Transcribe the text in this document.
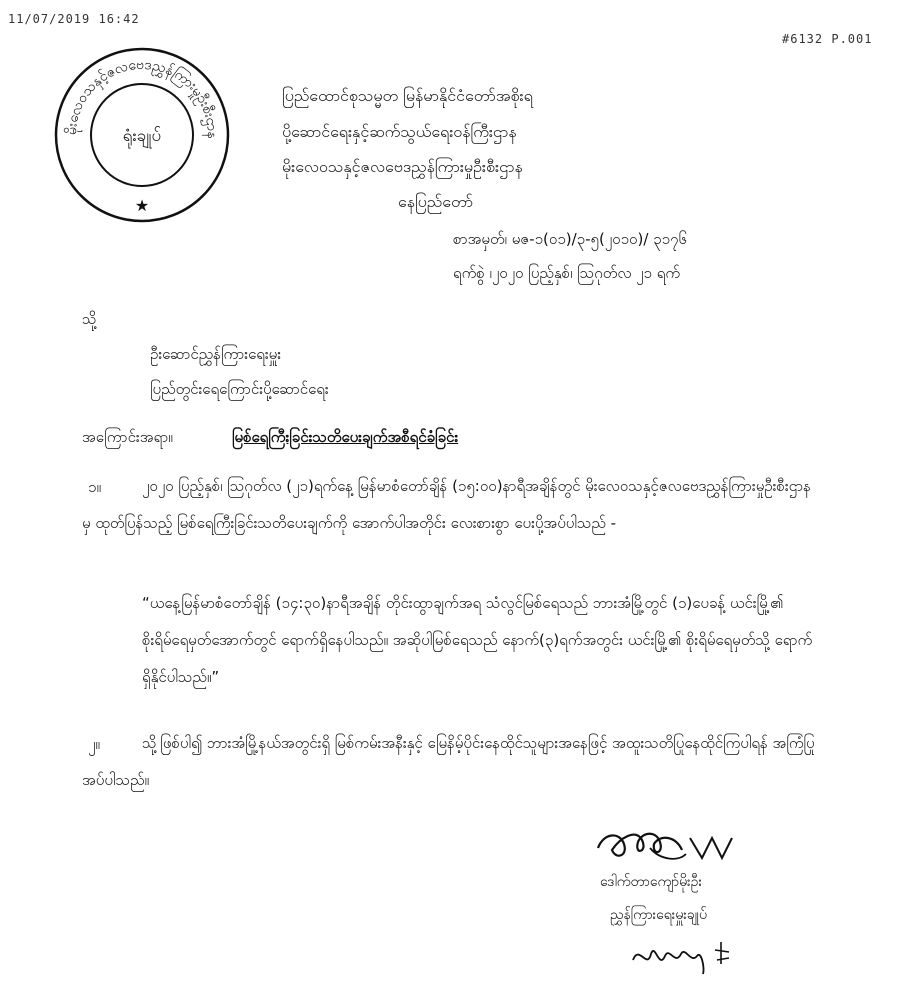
11/07/2019 16:42
#6132 P.001
မိုးလေဝသနှင့်ဇလဗေဒညွှန်ကြားမှုဦးစီးဌာန
ရုံးချုပ်
★
ပြည်ထောင်စုသမ္မတ မြန်မာနိုင်ငံတော်အစိုးရ
ပို့ဆောင်ရေးနှင့်ဆက်သွယ်ရေးဝန်ကြီးဌာန
မိုးလေဝသနှင့်ဇလဗေဒညွှန်ကြားမှုဦးစီးဌာန
နေပြည်တော်
စာအမှတ်၊ မဇ-၁(၀၁)/၃-၅(၂၀၁၀)/ ၃၁၇၆
ရက်စွဲ ၊၂၀၂၀ ပြည့်နှစ်၊ ဩဂုတ်လ ၂၁ ရက်
သို့
ဦးဆောင်ညွှန်ကြားရေးမှူး
ပြည်တွင်းရေကြောင်းပို့ဆောင်ရေး
အကြောင်းအရာ။	မြစ်ရေကြီးခြင်းသတိပေးချက်အစီရင်ခံခြင်း
၁။	၂၀၂၀ ပြည့်နှစ်၊ ဩဂုတ်လ (၂၁)ရက်နေ့ မြန်မာစံတော်ချိန် (၁၅:၀၀)နာရီအချိန်တွင် မိုးလေဝသနှင့်ဇလဗေဒညွှန်ကြားမှုဦးစီးဌာနမှ ထုတ်ပြန်သည့် မြစ်ရေကြီးခြင်းသတိပေးချက်ကို အောက်ပါအတိုင်း လေးစားစွာ ပေးပို့အပ်ပါသည် -
“ယနေ့မြန်မာစံတော်ချိန် (၁၄:၃၀)နာရီအချိန် တိုင်းထွာချက်အရ သံလွင်မြစ်ရေသည် ဘားအံမြို့တွင် (၁)ပေခန့် ယင်းမြို့၏ စိုးရိမ်ရေမှတ်အောက်တွင် ရောက်ရှိနေပါသည်။ အဆိုပါမြစ်ရေသည် နောက်(၃)ရက်အတွင်း ယင်းမြို့၏ စိုးရိမ်ရေမှတ်သို့ ရောက်ရှိနိုင်ပါသည်။”
၂။	သို့ဖြစ်ပါ၍ ဘားအံမြို့နယ်အတွင်းရှိ မြစ်ကမ်းအနီးနှင့် မြေနိမ့်ပိုင်းနေထိုင်သူများအနေဖြင့် အထူးသတိပြုနေထိုင်ကြပါရန် အကြံပြုအပ်ပါသည်။
ဒေါက်တာကျော်မိုးဦး
ညွှန်ကြားရေးမှူးချုပ်
